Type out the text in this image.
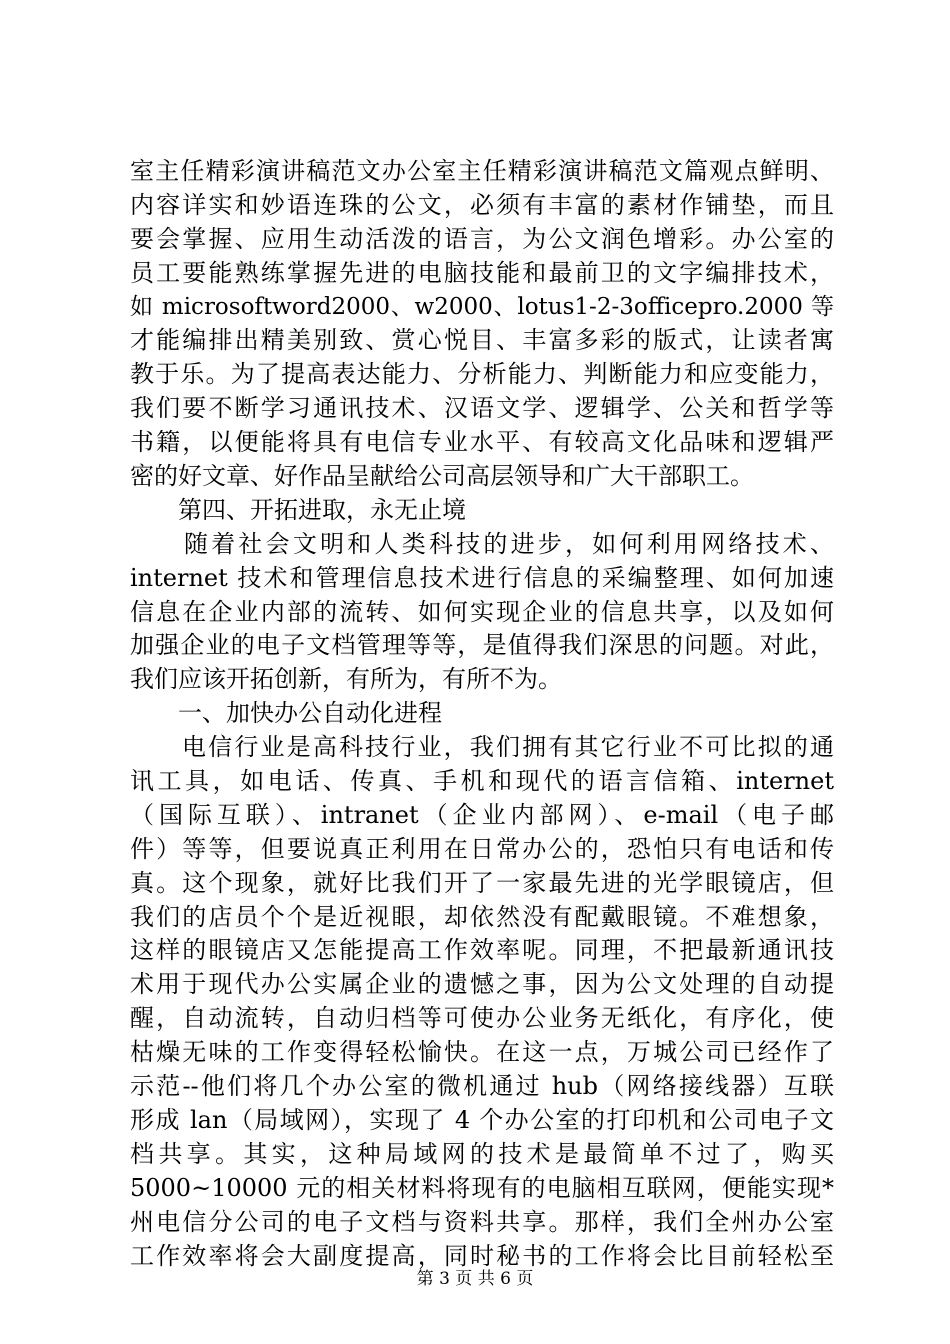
室主任精彩演讲稿范文办公室主任精彩演讲稿范文篇观点鲜明、
内容详实和妙语连珠的公文，必须有丰富的素材作铺垫，而且
要会掌握、应用生动活泼的语言，为公文润色增彩。办公室的
员工要能熟练掌握先进的电脑技能和最前卫的文字编排技术，
如 microsoftword2000、w2000、lotus1-2-3officepro.2000 等
才能编排出精美别致、赏心悦目、丰富多彩的版式，让读者寓
教于乐。为了提高表达能力、分析能力、判断能力和应变能力，
我们要不断学习通讯技术、汉语文学、逻辑学、公关和哲学等
书籍，以便能将具有电信专业水平、有较高文化品味和逻辑严
密的好文章、好作品呈献给公司高层领导和广大干部职工。
第四、开拓进取，永无止境
随着社会文明和人类科技的进步，如何利用网络技术、
internet 技术和管理信息技术进行信息的采编整理、如何加速
信息在企业内部的流转、如何实现企业的信息共享，以及如何
加强企业的电子文档管理等等，是值得我们深思的问题。对此，
我们应该开拓创新，有所为，有所不为。
一、加快办公自动化进程
电信行业是高科技行业，我们拥有其它行业不可比拟的通
讯工具，如电话、传真、手机和现代的语言信箱、internet
（国际互联）、intranet（企业内部网）、e-mail（电子邮
件）等等，但要说真正利用在日常办公的，恐怕只有电话和传
真。这个现象，就好比我们开了一家最先进的光学眼镜店，但
我们的店员个个是近视眼，却依然没有配戴眼镜。不难想象，
这样的眼镜店又怎能提高工作效率呢。同理，不把最新通讯技
术用于现代办公实属企业的遗憾之事，因为公文处理的自动提
醒，自动流转，自动归档等可使办公业务无纸化，有序化，使
枯燥无味的工作变得轻松愉快。在这一点，万城公司已经作了
示范--他们将几个办公室的微机通过 hub（网络接线器）互联
形成 lan（局域网），实现了 4 个办公室的打印机和公司电子文
档共享。其实，这种局域网的技术是最简单不过了，购买
5000~10000 元的相关材料将现有的电脑相互联网，便能实现*
州电信分公司的电子文档与资料共享。那样，我们全州办公室
工作效率将会大副度提高，同时秘书的工作将会比目前轻松至
第 3 页 共 6 页
